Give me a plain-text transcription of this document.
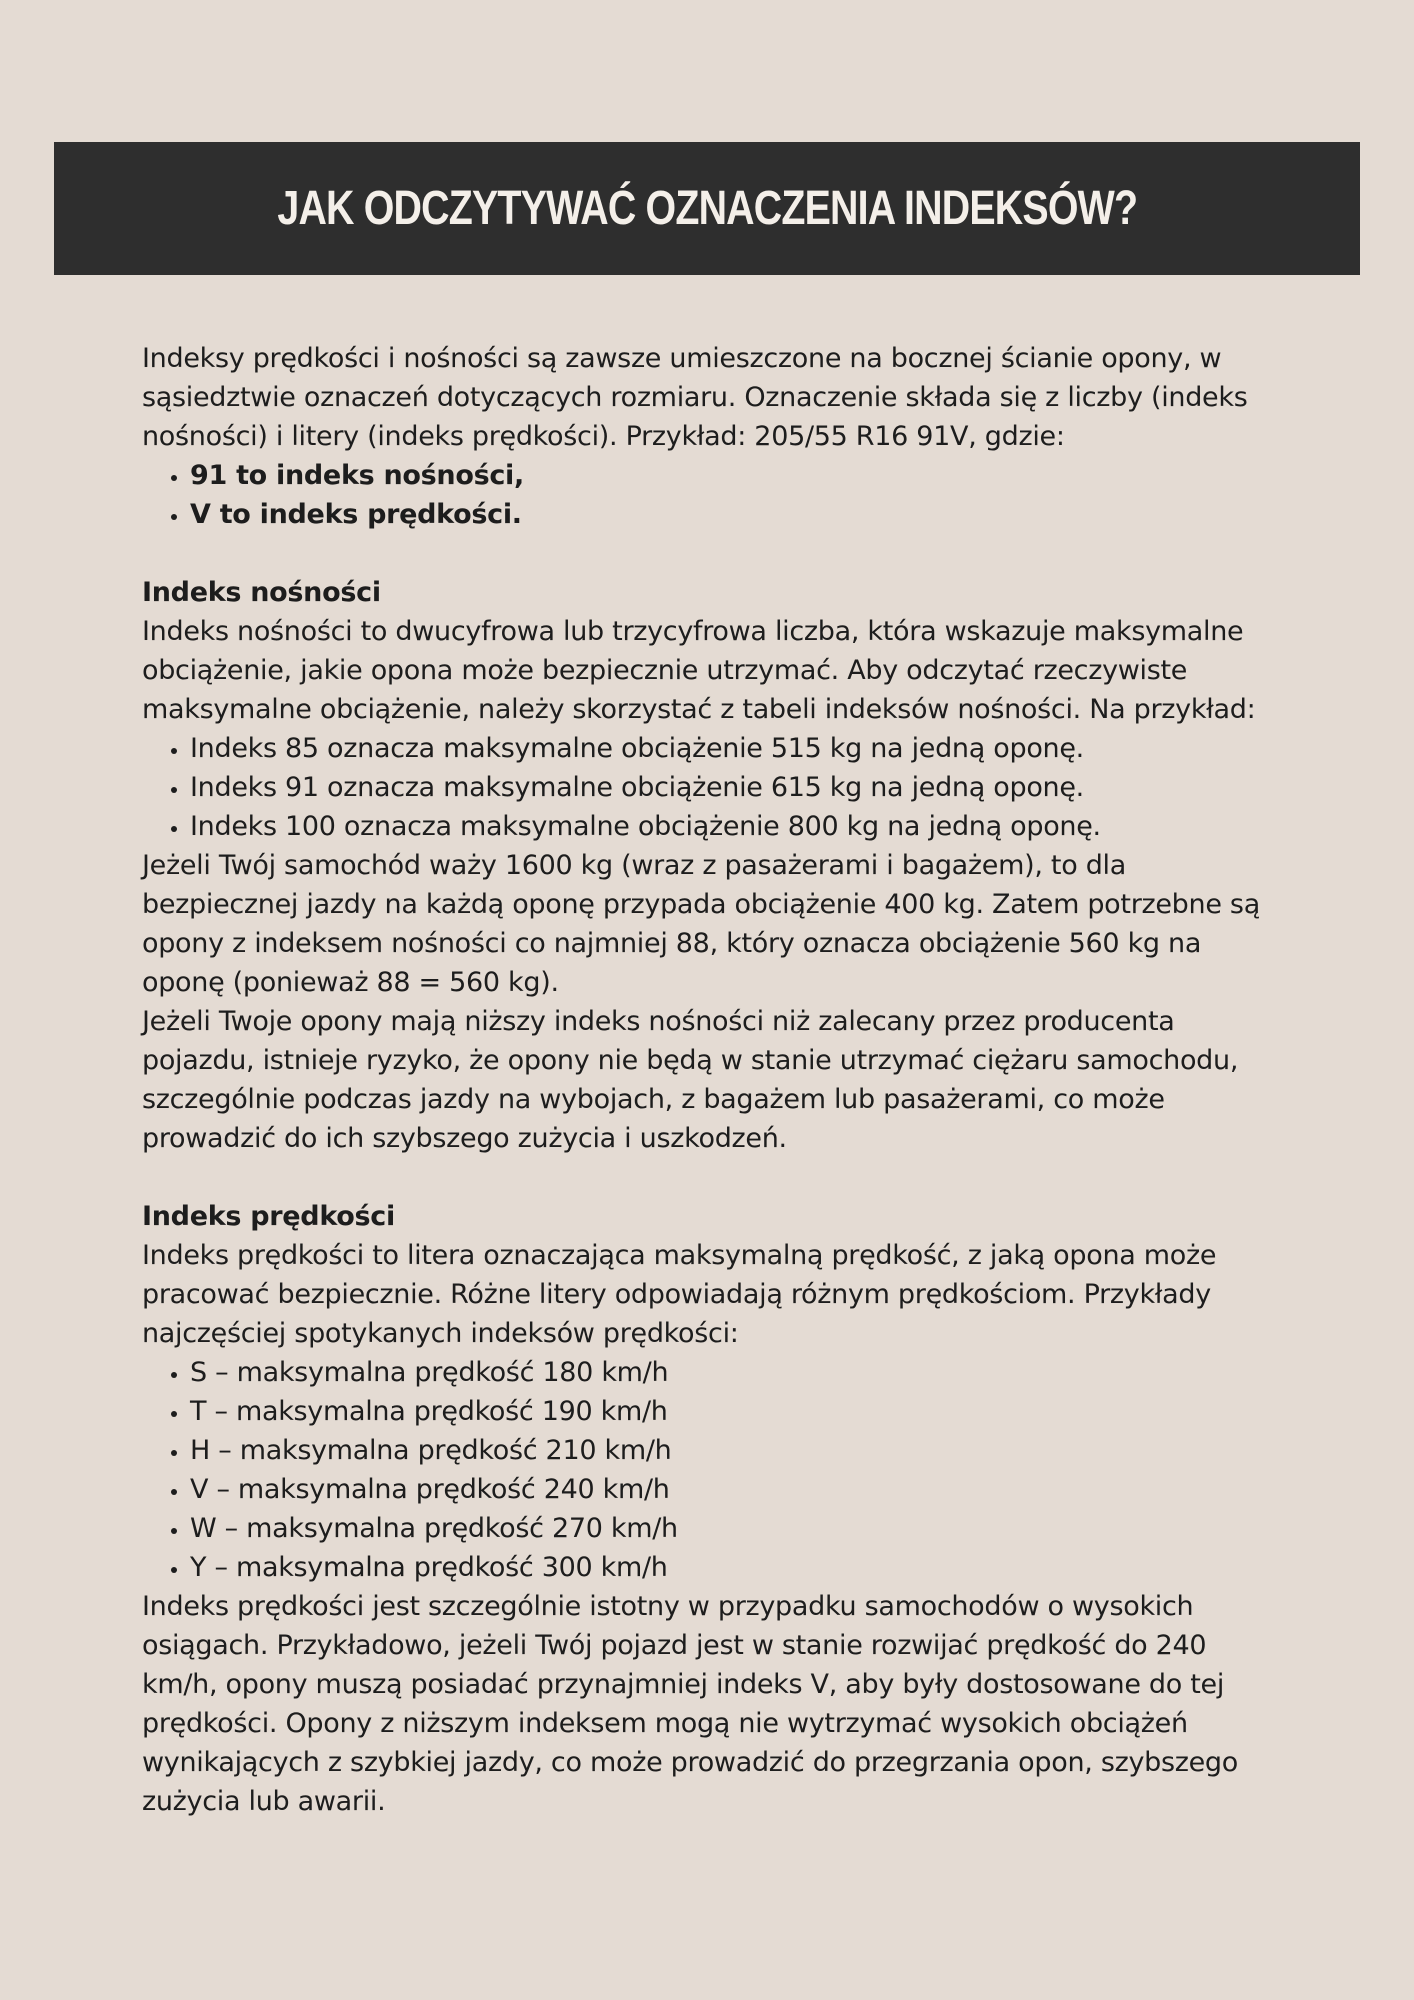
JAK ODCZYTYWAĆ OZNACZENIA INDEKSÓW?

Indeksy prędkości i nośności są zawsze umieszczone na bocznej ścianie opony, w sąsiedztwie oznaczeń dotyczących rozmiaru. Oznaczenie składa się z liczby (indeks nośności) i litery (indeks prędkości). Przykład: 205/55 R16 91V, gdzie:

• 91 to indeks nośności,
• V to indeks prędkości.

Indeks nośności

Indeks nośności to dwucyfrowa lub trzycyfrowa liczba, która wskazuje maksymalne obciążenie, jakie opona może bezpiecznie utrzymać. Aby odczytać rzeczywiste maksymalne obciążenie, należy skorzystać z tabeli indeksów nośności. Na przykład:

• Indeks 85 oznacza maksymalne obciążenie 515 kg na jedną oponę.
• Indeks 91 oznacza maksymalne obciążenie 615 kg na jedną oponę.
• Indeks 100 oznacza maksymalne obciążenie 800 kg na jedną oponę.

Jeżeli Twój samochód waży 1600 kg (wraz z pasażerami i bagażem), to dla bezpiecznej jazdy na każdą oponę przypada obciążenie 400 kg. Zatem potrzebne są opony z indeksem nośności co najmniej 88, który oznacza obciążenie 560 kg na oponę (ponieważ 88 = 560 kg).

Jeżeli Twoje opony mają niższy indeks nośności niż zalecany przez producenta pojazdu, istnieje ryzyko, że opony nie będą w stanie utrzymać ciężaru samochodu, szczególnie podczas jazdy na wybojach, z bagażem lub pasażerami, co może prowadzić do ich szybszego zużycia i uszkodzeń.

Indeks prędkości

Indeks prędkości to litera oznaczająca maksymalną prędkość, z jaką opona może pracować bezpiecznie. Różne litery odpowiadają różnym prędkościom. Przykłady najczęściej spotykanych indeksów prędkości:

• S – maksymalna prędkość 180 km/h
• T – maksymalna prędkość 190 km/h
• H – maksymalna prędkość 210 km/h
• V – maksymalna prędkość 240 km/h
• W – maksymalna prędkość 270 km/h
• Y – maksymalna prędkość 300 km/h

Indeks prędkości jest szczególnie istotny w przypadku samochodów o wysokich osiągach. Przykładowo, jeżeli Twój pojazd jest w stanie rozwijać prędkość do 240 km/h, opony muszą posiadać przynajmniej indeks V, aby były dostosowane do tej prędkości. Opony z niższym indeksem mogą nie wytrzymać wysokich obciążeń wynikających z szybkiej jazdy, co może prowadzić do przegrzania opon, szybszego zużycia lub awarii.
